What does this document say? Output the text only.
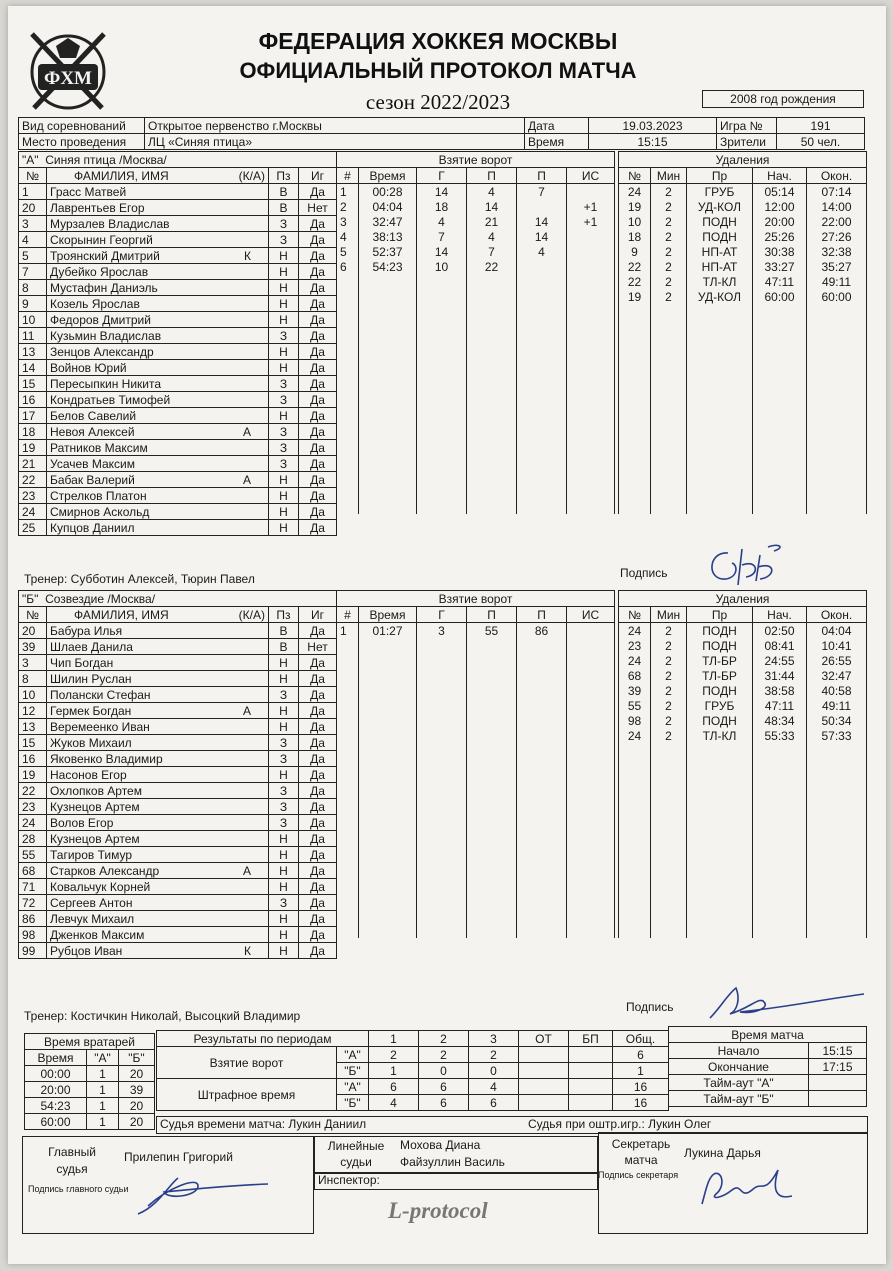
ФХМ
ФЕДЕРАЦИЯ ХОККЕЯ МОСКВЫ
ОФИЦИАЛЬНЫЙ ПРОТОКОЛ МАТЧА
сезон 2022/2023	2008 год рождения
Вид соревнований	Открытое первенство г.Москвы	Дата	19.03.2023	Игра №	191
Место проведения	ЛЦ «Синяя птица»	Время	15:15	Зрители	50 чел.
"А" Синяя птица /Москва/			
№	ФАМИЛИЯ, ИМЯ (К/А)	Пз	Иг
1	Грасс Матвей	В	Да
20	Лаврентьев Егор	В	Нет
3	Мурзалев Владислав	З	Да
4	Скорынин Георгий	З	Да
5	Троянский Дмитрий К	Н	Да
7	Дубейко Ярослав	Н	Да
8	Мустафин Даниэль	Н	Да
9	Козель Ярослав	Н	Да
10	Федоров Дмитрий	Н	Да
11	Кузьмин Владислав	З	Да
13	Зенцов Александр	Н	Да
14	Войнов Юрий	Н	Да
15	Пересыпкин Никита	З	Да
16	Кондратьев Тимофей	З	Да
17	Белов Савелий	Н	Да
18	Невоя Алексей А	З	Да
19	Ратников Максим	З	Да
21	Усачев Максим	З	Да
22	Бабак Валерий А	Н	Да
23	Стрелков Платон	Н	Да
24	Смирнов Аскольд	Н	Да
25	Купцов Даниил	Н	Да
Взятие ворот					
#	Время	Г	П	П	ИС
1	00:28	14	4	7	
2	04:04	18	14		+1
3	32:47	4	21	14	+1
4	38:13	7	4	14	
5	52:37	14	7	4	
6	54:23	10	22		

Удаления				
№	Мин	Пр	Нач.	Окон.
24	2	ГРУБ	05:14	07:14
19	2	УД-КОЛ	12:00	14:00
10	2	ПОДН	20:00	22:00
18	2	ПОДН	25:26	27:26
9	2	НП-АТ	30:38	32:38
22	2	НП-АТ	33:27	35:27
22	2	ТЛ-КЛ	47:11	49:11
19	2	УД-КОЛ	60:00	60:00

Тренер: Субботин Алексей, Тюрин Павел	Подпись
"Б" Созвездие /Москва/			
№	ФАМИЛИЯ, ИМЯ (К/А)	Пз	Иг
20	Бабура Илья	В	Да
39	Шлаев Данила	В	Нет
3	Чип Богдан	Н	Да
8	Шилин Руслан	Н	Да
10	Полански Стефан	З	Да
12	Гермек Богдан А	Н	Да
13	Веремеенко Иван	Н	Да
15	Жуков Михаил	З	Да
16	Яковенко Владимир	З	Да
19	Насонов Егор	Н	Да
22	Охлопков Артем	З	Да
23	Кузнецов Артем	З	Да
24	Волов Егор	З	Да
28	Кузнецов Артем	Н	Да
55	Тагиров Тимур	Н	Да
68	Старков Александр А	Н	Да
71	Ковальчук Корней	Н	Да
72	Сергеев Антон	З	Да
86	Левчук Михаил	Н	Да
98	Дженков Максим	Н	Да
99	Рубцов Иван К	Н	Да
Взятие ворот					
#	Время	Г	П	П	ИС
1	01:27	3	55	86	

Удаления				
№	Мин	Пр	Нач.	Окон.
24	2	ПОДН	02:50	04:04
23	2	ПОДН	08:41	10:41
24	2	ТЛ-БР	24:55	26:55
68	2	ТЛ-БР	31:44	32:47
39	2	ПОДН	38:58	40:58
55	2	ГРУБ	47:11	49:11
98	2	ПОДН	48:34	50:34
24	2	ТЛ-КЛ	55:33	57:33

Тренер: Костичкин Николай, Высоцкий Владимир
Подпись
Время вратарей		
Время	"А"	"Б"
00:00	1	20
20:00	1	39
54:23	1	20
60:00	1	20
Результаты по периодам		1	2	3	ОТ	БП	Общ.
Взятие ворот	"А"	2	2	2			6
	"Б"	1	0	0			1
Штрафное время	"А"	6	6	4			16
	"Б"	4	6	6			16
Время матча	
Начало	15:15
Окончание	17:15
Тайм-аут "А"	
Тайм-аут "Б"	
Судья времени матча: Лукин Даниил	Судья при оштр.игр.: Лукин Олег
Главный судья
Прилепин Григорий
Подпись главного судьи
Линейные судьи
Мохова Диана
Файзуллин Василь
Инспектор:
Секретарь матча	Лукина Дарья
Подпись секретаря
L-protocol
